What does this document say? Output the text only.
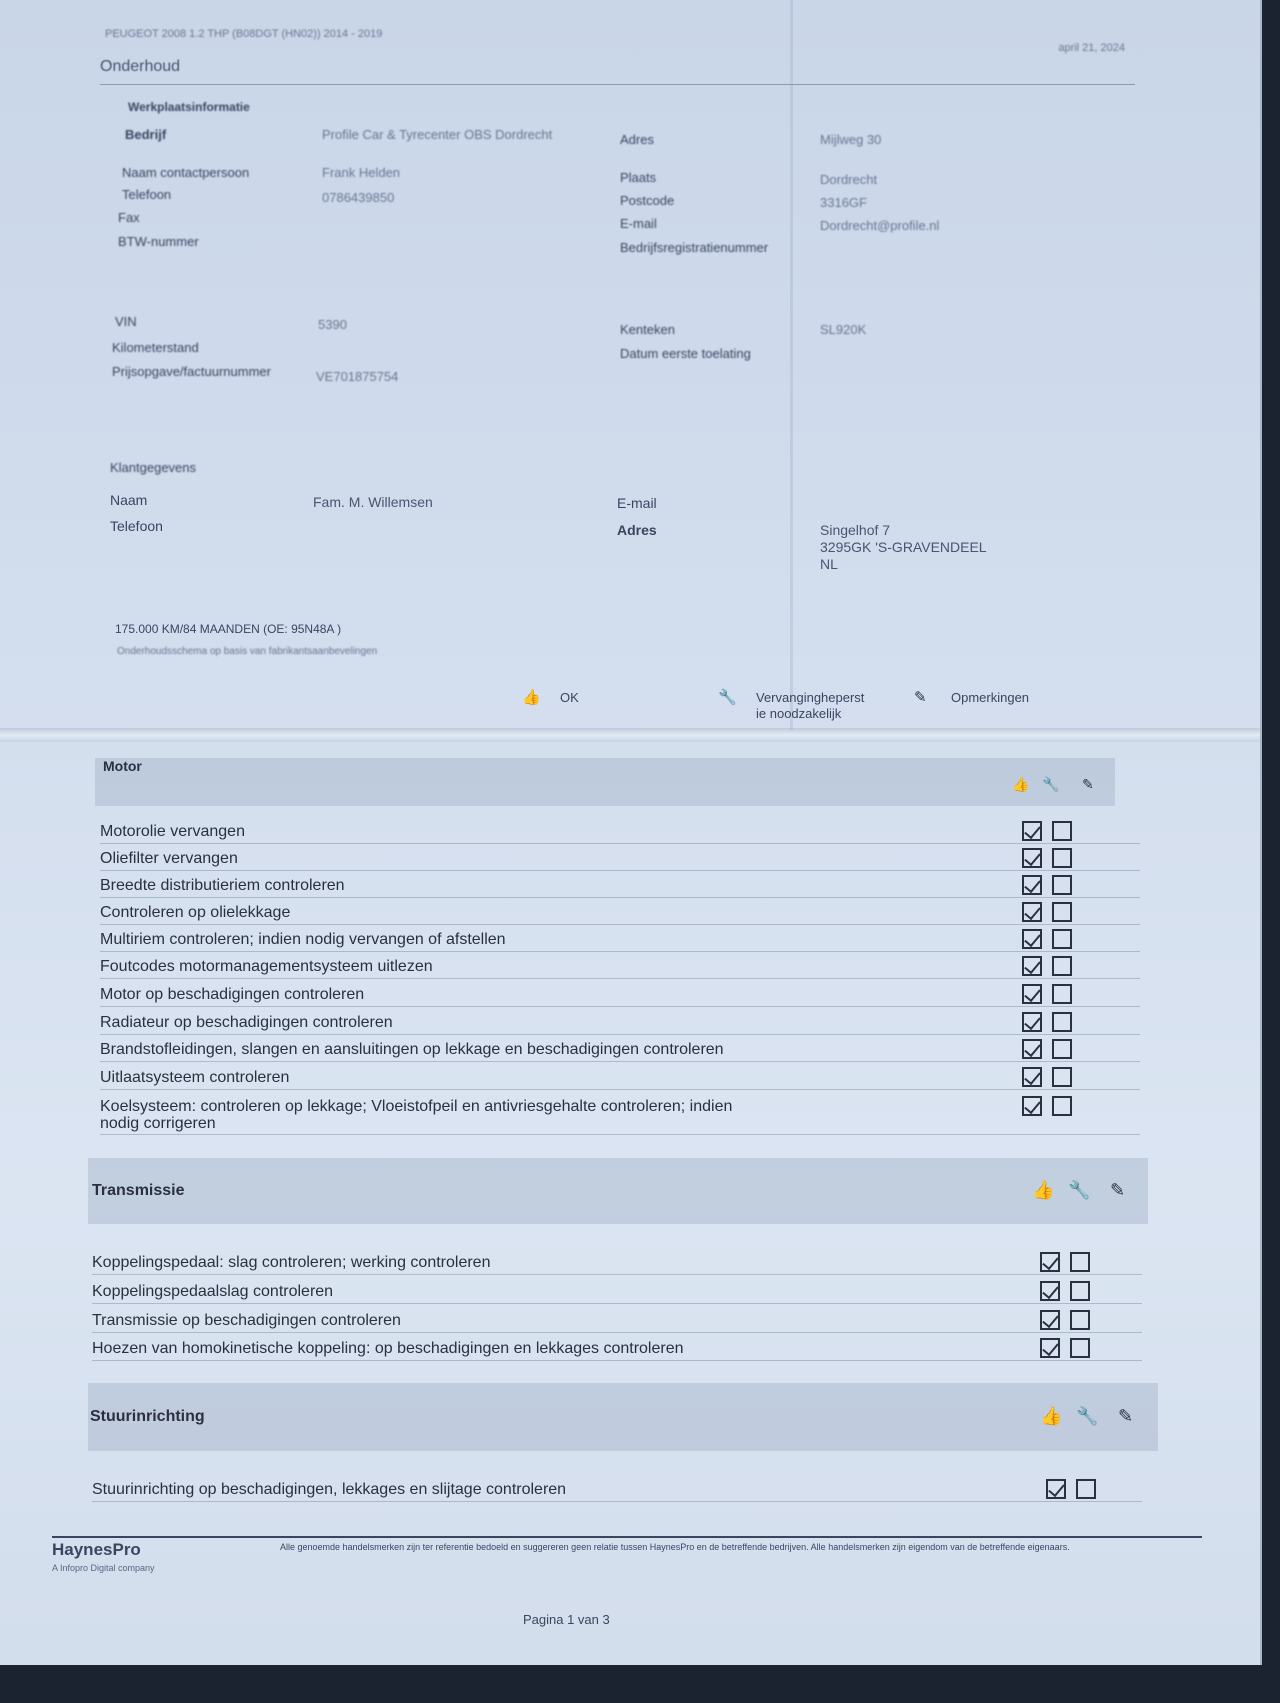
PEUGEOT 2008 1.2 THP (B08DGT (HN02)) 2014 - 2019
april 21, 2024
Onderhoud
Werkplaatsinformatie
Bedrijf	Profile Car & Tyrecenter OBS Dordrecht
Naam contactpersoon	Frank Helden
Telefoon	0786439850
Fax
BTW-nummer
Adres	Mijlweg 30
Plaats	Dordrecht
Postcode	3316GF
E-mail	Dordrecht@profile.nl
Bedrijfsregistratienummer
VIN	5390
Kilometerstand
Prijsopgave/factuurnummer	VE701875754
Kenteken	SL920K
Datum eerste toelating
Klantgegevens
Naam	Fam. M. Willemsen
Telefoon
E-mail
Adres	Singelhof 7
3295GK 'S-GRAVENDEEL
NL
175.000 KM/84 MAANDEN (OE: 95N48A )
Onderhoudsschema op basis van fabrikantsaanbevelingen
👍 OK	🔧 Vervangingheperst
ie noodzakelijk
✎ Opmerkingen
Motor
👍 🔧 ✎
Motorolie vervangen
Oliefilter vervangen
Breedte distributieriem controleren
Controleren op olielekkage
Multiriem controleren; indien nodig vervangen of afstellen
Foutcodes motormanagementsysteem uitlezen
Motor op beschadigingen controleren
Radiateur op beschadigingen controleren
Brandstofleidingen, slangen en aansluitingen op lekkage en beschadigingen controleren
Uitlaatsysteem controleren
Koelsysteem: controleren op lekkage; Vloeistofpeil en antivriesgehalte controleren; indien
nodig corrigeren
Transmissie	👍 🔧 ✎
Koppelingspedaal: slag controleren; werking controleren
Koppelingspedaalslag controleren
Transmissie op beschadigingen controleren
Hoezen van homokinetische koppeling: op beschadigingen en lekkages controleren
Stuurinrichting	👍 🔧 ✎
Stuurinrichting op beschadigingen, lekkages en slijtage controleren
HaynesPro
A Infopro Digital company
Alle genoemde handelsmerken zijn ter referentie bedoeld en suggereren geen relatie tussen HaynesPro en de betreffende bedrijven. Alle handelsmerken zijn eigendom van de betreffende eigenaars.
Pagina 1 van 3
